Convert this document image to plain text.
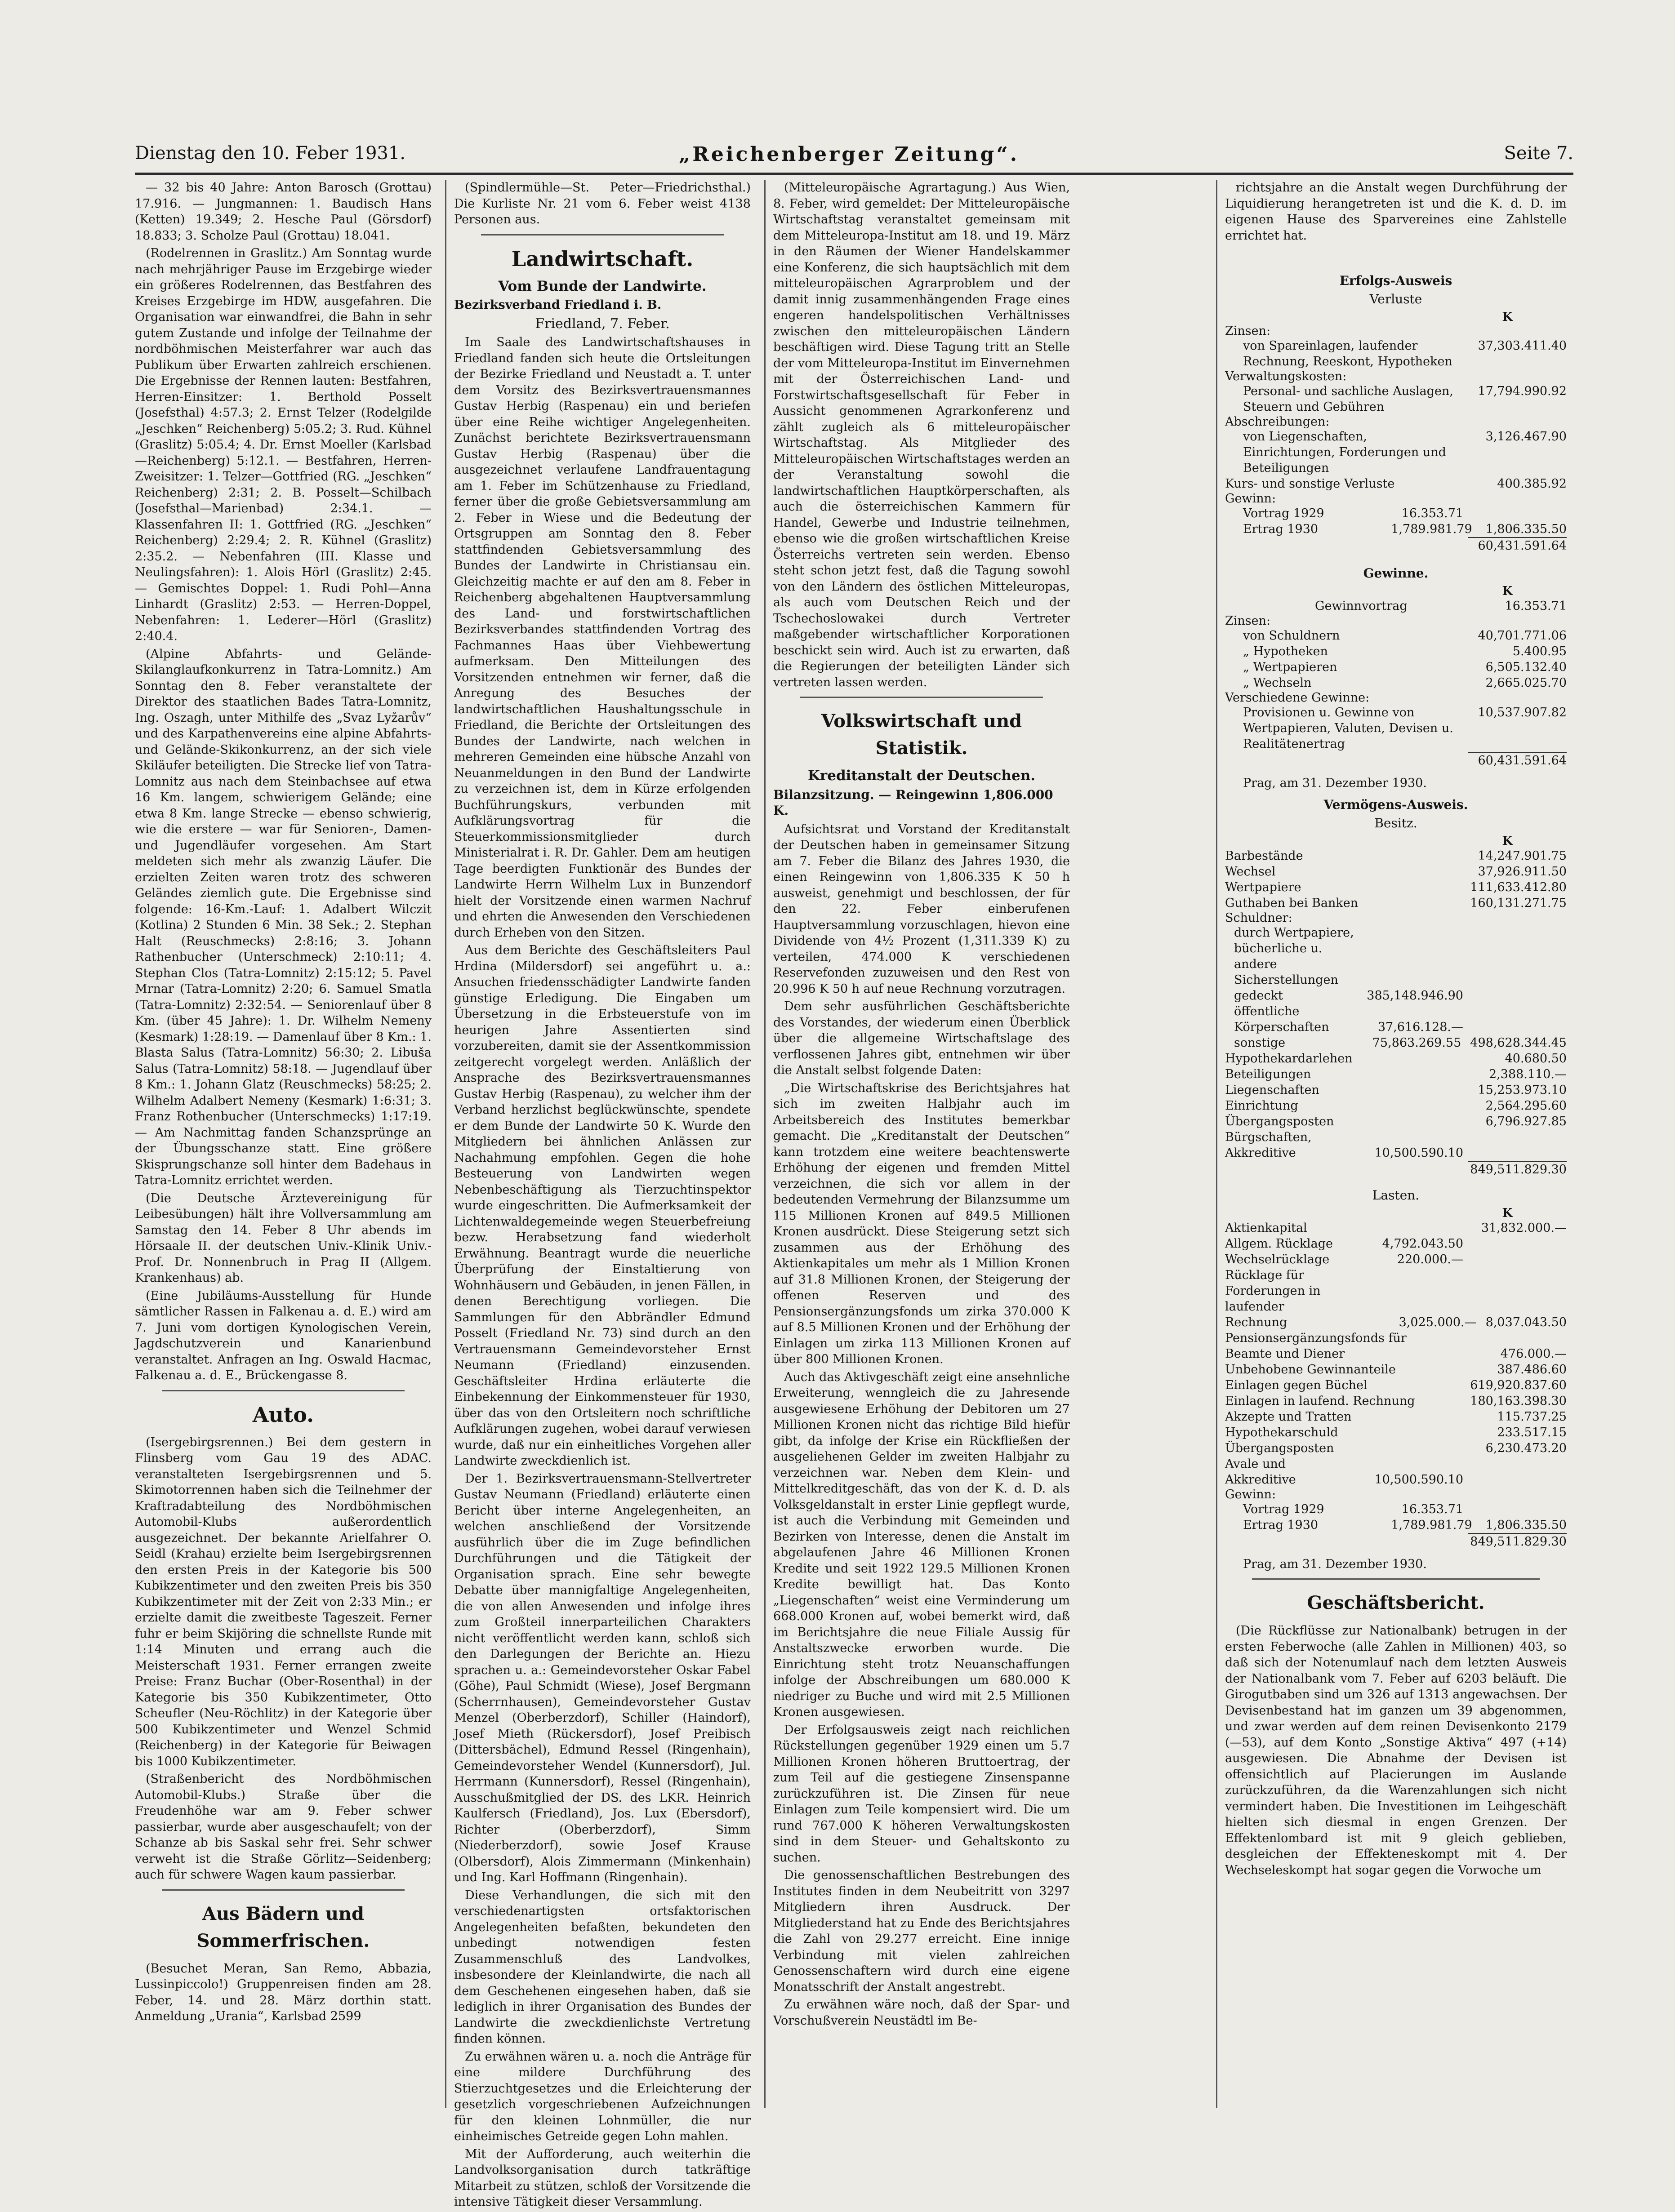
Dienstag den 10. Feber 1931.	„Reichenberger Zeitung“.	Seite 7.

— 32 bis 40 Jahre: Anton Barosch (Grottau) 17.916. — Jungmannen: 1. Baudisch Hans (Ketten) 19.349; 2. Hesche Paul (Görsdorf) 18.833; 3. Scholze Paul (Grottau) 18.041.

(Rodelrennen in Graslitz.) Am Sonntag wurde nach mehrjähriger Pause im Erzgebirge wieder ein größeres Rodelrennen, das Bestfahren des Kreises Erzgebirge im HDW, ausgefahren. Die Organisation war einwandfrei, die Bahn in sehr gutem Zustande und infolge der Teilnahme der nordböhmischen Meisterfahrer war auch das Publikum über Erwarten zahlreich erschienen. Die Ergebnisse der Rennen lauten: Bestfahren, Herren-Einsitzer: 1. Berthold Posselt (Josefsthal) 4:57.3; 2. Ernst Telzer (Rodelgilde „Jeschken“ Reichenberg) 5:05.2; 3. Rud. Kühnel (Graslitz) 5:05.4; 4. Dr. Ernst Moeller (Karlsbad—Reichenberg) 5:12.1. — Bestfahren, Herren-Zweisitzer: 1. Telzer—Gottfried (RG. „Jeschken“ Reichenberg) 2:31; 2. B. Posselt—Schilbach (Josefsthal—Marienbad) 2:34.1. — Klassenfahren II: 1. Gottfried (RG. „Jeschken“ Reichenberg) 2:29.4; 2. R. Kühnel (Graslitz) 2:35.2. — Nebenfahren (III. Klasse und Neulingsfahren): 1. Alois Hörl (Graslitz) 2:45. — Gemischtes Doppel: 1. Rudi Pohl—Anna Linhardt (Graslitz) 2:53. — Herren-Doppel, Nebenfahren: 1. Lederer—Hörl (Graslitz) 2:40.4.

(Alpine Abfahrts- und Gelände-Skilanglaufkonkurrenz in Tatra-Lomnitz.) Am Sonntag den 8. Feber veranstaltete der Direktor des staatlichen Bades Tatra-Lomnitz, Ing. Oszagh, unter Mithilfe des „Svaz Lyžarův“ und des Karpathenvereins eine alpine Abfahrts- und Gelände-Skikonkurrenz, an der sich viele Skiläufer beteiligten. Die Strecke lief von Tatra-Lomnitz aus nach dem Steinbachsee auf etwa 16 Km. langem, schwierigem Gelände; eine etwa 8 Km. lange Strecke — ebenso schwierig, wie die erstere — war für Senioren-, Damen- und Jugendläufer vorgesehen. Am Start meldeten sich mehr als zwanzig Läufer. Die erzielten Zeiten waren trotz des schweren Geländes ziemlich gute. Die Ergebnisse sind folgende: 16-Km.-Lauf: 1. Adalbert Wilczit (Kotlina) 2 Stunden 6 Min. 38 Sek.; 2. Stephan Halt (Reuschmecks) 2:8:16; 3. Johann Rathenbucher (Unterschmeck) 2:10:11; 4. Stephan Clos (Tatra-Lomnitz) 2:15:12; 5. Pavel Mrnar (Tatra-Lomnitz) 2:20; 6. Samuel Smatla (Tatra-Lomnitz) 2:32:54. — Seniorenlauf über 8 Km. (über 45 Jahre): 1. Dr. Wilhelm Nemeny (Kesmark) 1:28:19. — Damenlauf über 8 Km.: 1. Blasta Salus (Tatra-Lomnitz) 56:30; 2. Libuša Salus (Tatra-Lomnitz) 58:18. — Jugendlauf über 8 Km.: 1. Johann Glatz (Reuschmecks) 58:25; 2. Wilhelm Adalbert Nemeny (Kesmark) 1:6:31; 3. Franz Rothenbucher (Unterschmecks) 1:17:19. — Am Nachmittag fanden Schanzsprünge an der Übungsschanze statt. Eine größere Skisprungschanze soll hinter dem Badehaus in Tatra-Lomnitz errichtet werden.

(Die Deutsche Ärztevereinigung für Leibesübungen) hält ihre Vollversammlung am Samstag den 14. Feber 8 Uhr abends im Hörsaale II. der deutschen Univ.-Klinik Univ.-Prof. Dr. Nonnenbruch in Prag II (Allgem. Krankenhaus) ab.

(Eine Jubiläums-Ausstellung für Hunde sämtlicher Rassen in Falkenau a. d. E.) wird am 7. Juni vom dortigen Kynologischen Verein, Jagdschutzverein und Kanarienbund veranstaltet. Anfragen an Ing. Oswald Hacmac, Falkenau a. d. E., Brückengasse 8.

Auto.

(Isergebirgsrennen.) Bei dem gestern in Flinsberg vom Gau 19 des ADAC. veranstalteten Isergebirgsrennen und 5. Skimotorrennen haben sich die Teilnehmer der Kraftradabteilung des Nordböhmischen Automobil-Klubs außerordentlich ausgezeichnet. Der bekannte Arielfahrer O. Seidl (Krahau) erzielte beim Isergebirgsrennen den ersten Preis in der Kategorie bis 500 Kubikzentimeter und den zweiten Preis bis 350 Kubikzentimeter mit der Zeit von 2:33 Min.; er erzielte damit die zweitbeste Tageszeit. Ferner fuhr er beim Skijöring die schnellste Runde mit 1:14 Minuten und errang auch die Meisterschaft 1931. Ferner errangen zweite Preise: Franz Buchar (Ober-Rosenthal) in der Kategorie bis 350 Kubikzentimeter, Otto Scheufler (Neu-Röchlitz) in der Kategorie über 500 Kubikzentimeter und Wenzel Schmid (Reichenberg) in der Kategorie für Beiwagen bis 1000 Kubikzentimeter.

(Straßenbericht des Nordböhmischen Automobil-Klubs.) Straße über die Freudenhöhe war am 9. Feber schwer passierbar, wurde aber ausgeschaufelt; von der Schanze ab bis Saskal sehr frei. Sehr schwer verweht ist die Straße Görlitz—Seidenberg; auch für schwere Wagen kaum passierbar.

Aus Bädern und Sommerfrischen.

(Besuchet Meran, San Remo, Abbazia, Lussinpiccolo!) Gruppenreisen finden am 28. Feber, 14. und 28. März dorthin statt. Anmeldung „Urania“, Karlsbad 2599

(Spindlermühle—St. Peter—Friedrichsthal.) Die Kurliste Nr. 21 vom 6. Feber weist 4138 Personen aus.

Landwirtschaft.
Vom Bunde der Landwirte.
Bezirksverband Friedland i. B.
Friedland, 7. Feber.

Im Saale des Landwirtschaftshauses in Friedland fanden sich heute die Ortsleitungen der Bezirke Friedland und Neustadt a. T. unter dem Vorsitz des Bezirksvertrauensmannes Gustav Herbig (Raspenau) ein und beriefen über eine Reihe wichtiger Angelegenheiten. Zunächst berichtete Bezirksvertrauensmann Gustav Herbig (Raspenau) über die ausgezeichnet verlaufene Landfrauentagung am 1. Feber im Schützenhause zu Friedland, ferner über die große Gebietsversammlung am 2. Feber in Wiese und die Bedeutung der Ortsgruppen am Sonntag den 8. Feber stattfindenden Gebietsversammlung des Bundes der Landwirte in Christiansau ein. Gleichzeitig machte er auf den am 8. Feber in Reichenberg abgehaltenen Hauptversammlung des Land- und forstwirtschaftlichen Bezirksverbandes stattfindenden Vortrag des Fachmannes Haas über Viehbewertung aufmerksam. Den Mitteilungen des Vorsitzenden entnehmen wir ferner, daß die Anregung des Besuches der landwirtschaftlichen Haushaltungsschule in Friedland, die Berichte der Ortsleitungen des Bundes der Landwirte, nach welchen in mehreren Gemeinden eine hübsche Anzahl von Neuanmeldungen in den Bund der Landwirte zu verzeichnen ist, dem in Kürze erfolgenden Buchführungskurs, verbunden mit Aufklärungsvortrag für die Steuerkommissionsmitglieder durch Ministerialrat i. R. Dr. Gahler. Dem am heutigen Tage beerdigten Funktionär des Bundes der Landwirte Herrn Wilhelm Lux in Bunzendorf hielt der Vorsitzende einen warmen Nachruf und ehrten die Anwesenden den Verschiedenen durch Erheben von den Sitzen.

Aus dem Berichte des Geschäftsleiters Paul Hrdina (Mildersdorf) sei angeführt u. a.: Ansuchen friedensschädigter Landwirte fanden günstige Erledigung. Die Eingaben um Übersetzung in die Erbsteuerstufe von im heurigen Jahre Assentierten sind vorzubereiten, damit sie der Assentkommission zeitgerecht vorgelegt werden. Anläßlich der Ansprache des Bezirksvertrauensmannes Gustav Herbig (Raspenau), zu welcher ihm der Verband herzlichst beglückwünschte, spendete er dem Bunde der Landwirte 50 K. Wurde den Mitgliedern bei ähnlichen Anlässen zur Nachahmung empfohlen. Gegen die hohe Besteuerung von Landwirten wegen Nebenbeschäftigung als Tierzuchtinspektor wurde eingeschritten. Die Aufmerksamkeit der Lichtenwaldegemeinde wegen Steuerbefreiung bezw. Herabsetzung fand wiederholt Erwähnung. Beantragt wurde die neuerliche Überprüfung der Einstaltierung von Wohnhäusern und Gebäuden, in jenen Fällen, in denen Berechtigung vorliegen. Die Sammlungen für den Abbrändler Edmund Posselt (Friedland Nr. 73) sind durch an den Vertrauensmann Gemeindevorsteher Ernst Neumann (Friedland) einzusenden. Geschäftsleiter Hrdina erläuterte die Einbekennung der Einkommensteuer für 1930, über das von den Ortsleitern noch schriftliche Aufklärungen zugehen, wobei darauf verwiesen wurde, daß nur ein einheitliches Vorgehen aller Landwirte zweckdienlich ist.

Der 1. Bezirksvertrauensmann-Stellvertreter Gustav Neumann (Friedland) erläuterte einen Bericht über interne Angelegenheiten, an welchen anschließend der Vorsitzende ausführlich über die im Zuge befindlichen Durchführungen und die Tätigkeit der Organisation sprach. Eine sehr bewegte Debatte über mannigfaltige Angelegenheiten, die von allen Anwesenden und infolge ihres zum Großteil innerparteilichen Charakters nicht veröffentlicht werden kann, schloß sich den Darlegungen der Berichte an. Hiezu sprachen u. a.: Gemeindevorsteher Oskar Fabel (Göhe), Paul Schmidt (Wiese), Josef Bergmann (Scherrnhausen), Gemeindevorsteher Gustav Menzel (Oberberzdorf), Schiller (Haindorf), Josef Mieth (Rückersdorf), Josef Preibisch (Dittersbächel), Edmund Ressel (Ringenhain), Gemeindevorsteher Wendel (Kunnersdorf), Jul. Herrmann (Kunnersdorf), Ressel (Ringenhain), Ausschußmitglied der DS. des LKR. Heinrich Kaulfersch (Friedland), Jos. Lux (Ebersdorf), Richter (Oberberzdorf), Simm (Niederberzdorf), sowie Josef Krause (Olbersdorf), Alois Zimmermann (Minkenhain) und Ing. Karl Hoffmann (Ringenhain).

Diese Verhandlungen, die sich mit den verschiedenartigsten ortsfaktorischen Angelegenheiten befaßten, bekundeten den unbedingt notwendigen festen Zusammenschluß des Landvolkes, insbesondere der Kleinlandwirte, die nach all dem Geschehenen eingesehen haben, daß sie lediglich in ihrer Organisation des Bundes der Landwirte die zweckdienlichste Vertretung finden können.

Zu erwähnen wären u. a. noch die Anträge für eine mildere Durchführung des Stierzuchtgesetzes und die Erleichterung der gesetzlich vorgeschriebenen Aufzeichnungen für den kleinen Lohnmüller, die nur einheimisches Getreide gegen Lohn mahlen.

Mit der Aufforderung, auch weiterhin die Landvolksorganisation durch tatkräftige Mitarbeit zu stützen, schloß der Vorsitzende die intensive Tätigkeit dieser Versammlung.

(Mitteleuropäische Agrartagung.) Aus Wien, 8. Feber, wird gemeldet: Der Mitteleuropäische Wirtschaftstag veranstaltet gemeinsam mit dem Mitteleuropa-Institut am 18. und 19. März in den Räumen der Wiener Handelskammer eine Konferenz, die sich hauptsächlich mit dem mitteleuropäischen Agrarproblem und der damit innig zusammenhängenden Frage eines engeren handelspolitischen Verhältnisses zwischen den mitteleuropäischen Ländern beschäftigen wird. Diese Tagung tritt an Stelle der vom Mitteleuropa-Institut im Einvernehmen mit der Österreichischen Land- und Forstwirtschaftsgesellschaft für Feber in Aussicht genommenen Agrarkonferenz und zählt zugleich als 6 mitteleuropäischer Wirtschaftstag. Als Mitglieder des Mitteleuropäischen Wirtschaftstages werden an der Veranstaltung sowohl die landwirtschaftlichen Hauptkörperschaften, als auch die österreichischen Kammern für Handel, Gewerbe und Industrie teilnehmen, ebenso wie die großen wirtschaftlichen Kreise Österreichs vertreten sein werden. Ebenso steht schon jetzt fest, daß die Tagung sowohl von den Ländern des östlichen Mitteleuropas, als auch vom Deutschen Reich und der Tschechoslowakei durch Vertreter maßgebender wirtschaftlicher Korporationen beschickt sein wird. Auch ist zu erwarten, daß die Regierungen der beteiligten Länder sich vertreten lassen werden.

Volkswirtschaft und Statistik.
Kreditanstalt der Deutschen.
Bilanzsitzung. — Reingewinn 1,806.000 K.

Aufsichtsrat und Vorstand der Kreditanstalt der Deutschen haben in gemeinsamer Sitzung am 7. Feber die Bilanz des Jahres 1930, die einen Reingewinn von 1,806.335 K 50 h ausweist, genehmigt und beschlossen, der für den 22. Feber einberufenen Hauptversammlung vorzuschlagen, hievon eine Dividende von 4½ Prozent (1,311.339 K) zu verteilen, 474.000 K verschiedenen Reservefonden zuzuweisen und den Rest von 20.996 K 50 h auf neue Rechnung vorzutragen.

Dem sehr ausführlichen Geschäftsberichte des Vorstandes, der wiederum einen Überblick über die allgemeine Wirtschaftslage des verflossenen Jahres gibt, entnehmen wir über die Anstalt selbst folgende Daten:

„Die Wirtschaftskrise des Berichtsjahres hat sich im zweiten Halbjahr auch im Arbeitsbereich des Institutes bemerkbar gemacht. Die „Kreditanstalt der Deutschen“ kann trotzdem eine weitere beachtenswerte Erhöhung der eigenen und fremden Mittel verzeichnen, die sich vor allem in der bedeutenden Vermehrung der Bilanzsumme um 115 Millionen Kronen auf 849.5 Millionen Kronen ausdrückt. Diese Steigerung setzt sich zusammen aus der Erhöhung des Aktienkapitales um mehr als 1 Million Kronen auf 31.8 Millionen Kronen, der Steigerung der offenen Reserven und des Pensionsergänzungsfonds um zirka 370.000 K auf 8.5 Millionen Kronen und der Erhöhung der Einlagen um zirka 113 Millionen Kronen auf über 800 Millionen Kronen.

Auch das Aktivgeschäft zeigt eine ansehnliche Erweiterung, wenngleich die zu Jahresende ausgewiesene Erhöhung der Debitoren um 27 Millionen Kronen nicht das richtige Bild hiefür gibt, da infolge der Krise ein Rückfließen der ausgeliehenen Gelder im zweiten Halbjahr zu verzeichnen war. Neben dem Klein- und Mittelkreditgeschäft, das von der K. d. D. als Volksgeldanstalt in erster Linie gepflegt wurde, ist auch die Verbindung mit Gemeinden und Bezirken von Interesse, denen die Anstalt im abgelaufenen Jahre 46 Millionen Kronen Kredite und seit 1922 129.5 Millionen Kronen Kredite bewilligt hat. Das Konto „Liegenschaften“ weist eine Verminderung um 668.000 Kronen auf, wobei bemerkt wird, daß im Berichtsjahre die neue Filiale Aussig für Anstaltszwecke erworben wurde. Die Einrichtung steht trotz Neuanschaffungen infolge der Abschreibungen um 680.000 K niedriger zu Buche und wird mit 2.5 Millionen Kronen ausgewiesen.

Der Erfolgsausweis zeigt nach reichlichen Rückstellungen gegenüber 1929 einen um 5.7 Millionen Kronen höheren Bruttoertrag, der zum Teil auf die gestiegene Zinsenspanne zurückzuführen ist. Die Zinsen für neue Einlagen zum Teile kompensiert wird. Die um rund 767.000 K höheren Verwaltungskosten sind in dem Steuer- und Gehaltskonto zu suchen.

Die genossenschaftlichen Bestrebungen des Institutes finden in dem Neubeitritt von 3297 Mitgliedern ihren Ausdruck. Der Mitgliederstand hat zu Ende des Berichtsjahres die Zahl von 29.277 erreicht. Eine innige Verbindung mit vielen zahlreichen Genossenschaftern wird durch eine eigene Monatsschrift der Anstalt angestrebt.

Zu erwähnen wäre noch, daß der Spar- und Vorschußverein Neustädtl im Be-

richtsjahre an die Anstalt wegen Durchführung der Liquidierung herangetreten ist und die K. d. D. im eigenen Hause des Sparvereines eine Zahlstelle errichtet hat.

Erfolgs-Ausweis
Verluste
K
Zinsen:
von Spareinlagen, laufender Rechnung, Reeskont, Hypotheken
37,303.411.40
Verwaltungskosten:
Personal- und sachliche Auslagen, Steuern und Gebühren
17,794.990.92
Abschreibungen:
von Liegenschaften, Einrichtungen, Forderungen und Beteiligungen
3,126.467.90
Kurs- und sonstige Verluste	400.385.92
Gewinn:
Vortrag 1929	16.353.71
Ertrag 1930	1,789.981.79 1,806.335.50
60,431.591.64
Gewinne.
K
Gewinnvortrag	16.353.71
Zinsen:
von Schuldnern	40,701.771.06
„ Hypotheken	5.400.95
„ Wertpapieren	6,505.132.40
„ Wechseln	2,665.025.70
Verschiedene Gewinne:
Provisionen u. Gewinne von Wertpapieren, Valuten, Devisen u. Realitätenertrag
10,537.907.82
60,431.591.64
Prag, am 31. Dezember 1930.
Vermögens-Ausweis.
Besitz.
K
Barbestände	14,247.901.75
Wechsel	37,926.911.50
Wertpapiere	111,633.412.80
Guthaben bei Banken	160,131.271.75
Schuldner:
durch Wertpapiere, bücherliche u. andere Sicherstellungen gedeckt	385,148.946.90
öffentliche Körperschaften	37,616.128.—
sonstige	75,863.269.55 498,628.344.45
Hypothekardarlehen	40.680.50
Beteiligungen	2,388.110.—
Liegenschaften	15,253.973.10
Einrichtung	2,564.295.60
Übergangsposten	6,796.927.85
Bürgschaften, Akkreditive	10,500.590.10
849,511.829.30
Lasten.
K
Aktienkapital	31,832.000.—
Allgem. Rücklage	4,792.043.50
Wechselrücklage	220.000.—
Rücklage für Forderungen in laufender Rechnung	3,025.000.— 8,037.043.50
Pensionsergänzungsfonds für Beamte und Diener	476.000.—
Unbehobene Gewinnanteile	387.486.60
Einlagen gegen Büchel	619,920.837.60
Einlagen in laufend. Rechnung	180,163.398.30
Akzepte und Tratten	115.737.25
Hypothekarschuld	233.517.15
Übergangsposten	6,230.473.20
Avale und Akkreditive	10,500.590.10
Gewinn:
Vortrag 1929	16.353.71
Ertrag 1930	1,789.981.79 1,806.335.50
849,511.829.30
Prag, am 31. Dezember 1930.
Geschäftsbericht.

(Die Rückflüsse zur Nationalbank) betrugen in der ersten Feberwoche (alle Zahlen in Millionen) 403, so daß sich der Notenumlauf nach dem letzten Ausweis der Nationalbank vom 7. Feber auf 6203 beläuft. Die Girogutbaben sind um 326 auf 1313 angewachsen. Der Devisenbestand hat im ganzen um 39 abgenommen, und zwar werden auf dem reinen Devisenkonto 2179 (—53), auf dem Konto „Sonstige Aktiva“ 497 (+14) ausgewiesen. Die Abnahme der Devisen ist offensichtlich auf Placierungen im Auslande zurückzuführen, da die Warenzahlungen sich nicht vermindert haben. Die Investitionen im Leihgeschäft hielten sich diesmal in engen Grenzen. Der Effektenlombard ist mit 9 gleich geblieben, desgleichen der Effekteneskompt mit 4. Der Wechseleskompt hat sogar gegen die Vorwoche um
